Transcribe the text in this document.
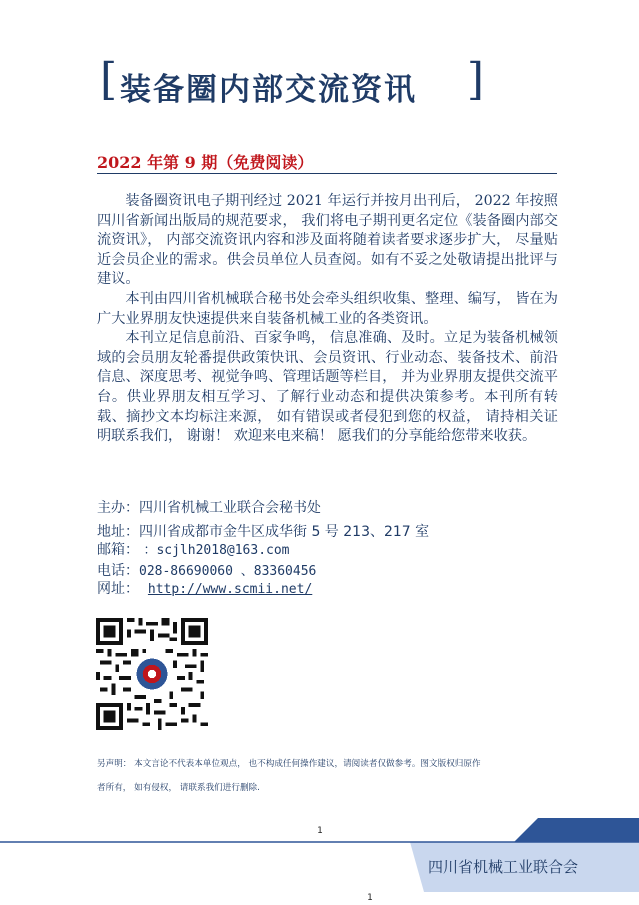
[ 装备圈内部交流资讯 ]
2022 年第 9 期（免费阅读）

装备圈资讯电子期刊经过 2021 年运行并按月出刊后， 2022 年按照四川省新闻出版局的规范要求， 我们将电子期刊更名定位《装备圈内部交流资讯》， 内部交流资讯内容和涉及面将随着读者要求逐步扩大， 尽量贴近会员企业的需求。供会员单位人员查阅。如有不妥之处敬请提出批评与建议。

本刊由四川省机械联合秘书处会牵头组织收集、整理、编写， 皆在为广大业界朋友快速提供来自装备机械工业的各类资讯。

本刊立足信息前沿、百家争鸣， 信息准确、及时。立足为装备机械领域的会员朋友轮番提供政策快讯、会员资讯、行业动态、装备技术、前沿信息、深度思考、视觉争鸣、管理话题等栏目， 并为业界朋友提供交流平台。供业界朋友相互学习、了解行业动态和提供决策参考。本刊所有转载、摘抄文本均标注来源， 如有错误或者侵犯到您的权益， 请持相关证明联系我们， 谢谢！ 欢迎来电来稿！ 愿我们的分享能给您带来收获。

主办：四川省机械工业联合会秘书处
地址：四川省成都市金牛区成华街 5 号 213、217 室
邮箱： ：scjlh2018@163.com
电话：028-86690060 、83360456
网址： http://www.scmii.net/
另声明： 本文言论不代表本单位观点， 也不构成任何操作建议，请阅读者仅做参考。图文版权归原作
者所有， 如有侵权， 请联系我们进行删除.
1
四川省机械工业联合会
1
